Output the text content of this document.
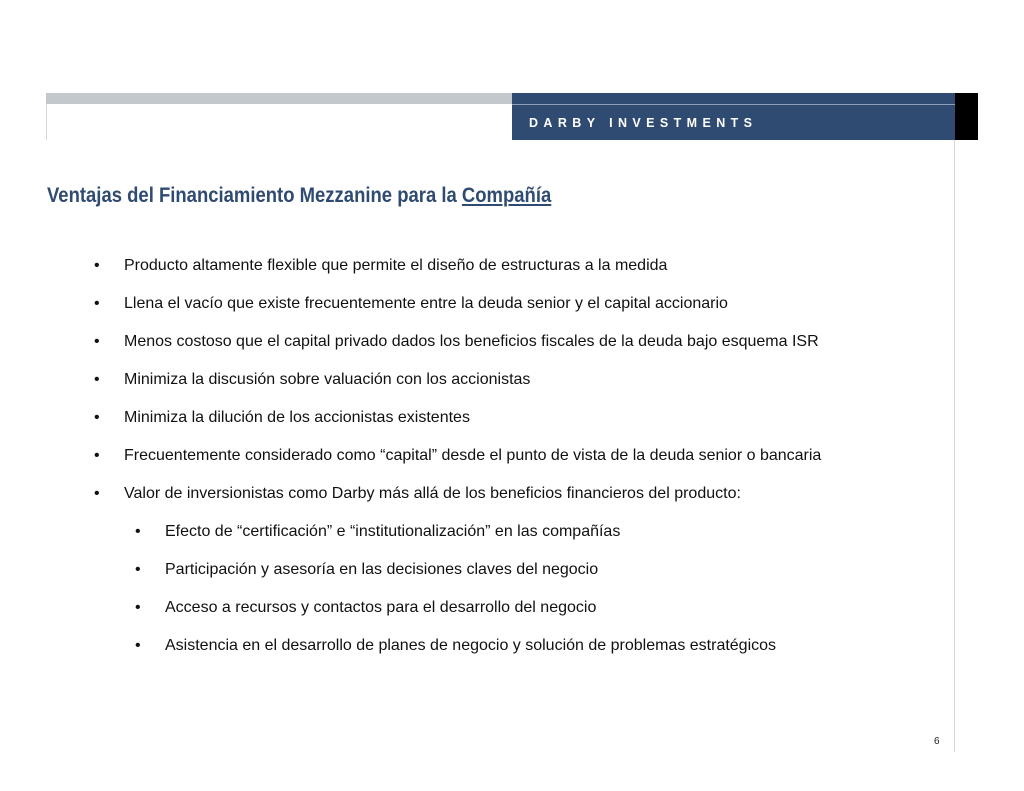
DARBY INVESTMENTS
Ventajas del Financiamiento Mezzanine para la Compañía
• Producto altamente flexible que permite el diseño de estructuras a la medida
• Llena el vacío que existe frecuentemente entre la deuda senior y el capital accionario
• Menos costoso que el capital privado dados los beneficios fiscales de la deuda bajo esquema ISR
• Minimiza la discusión sobre valuación con los accionistas
• Minimiza la dilución de los accionistas existentes
• Frecuentemente considerado como “capital” desde el punto de vista de la deuda senior o bancaria
• Valor de inversionistas como Darby más allá de los beneficios financieros del producto:
• Efecto de “certificación” e “institutionalización” en las compañías
• Participación y asesoría en las decisiones claves del negocio
• Acceso a recursos y contactos para el desarrollo del negocio
• Asistencia en el desarrollo de planes de negocio y solución de problemas estratégicos
6
